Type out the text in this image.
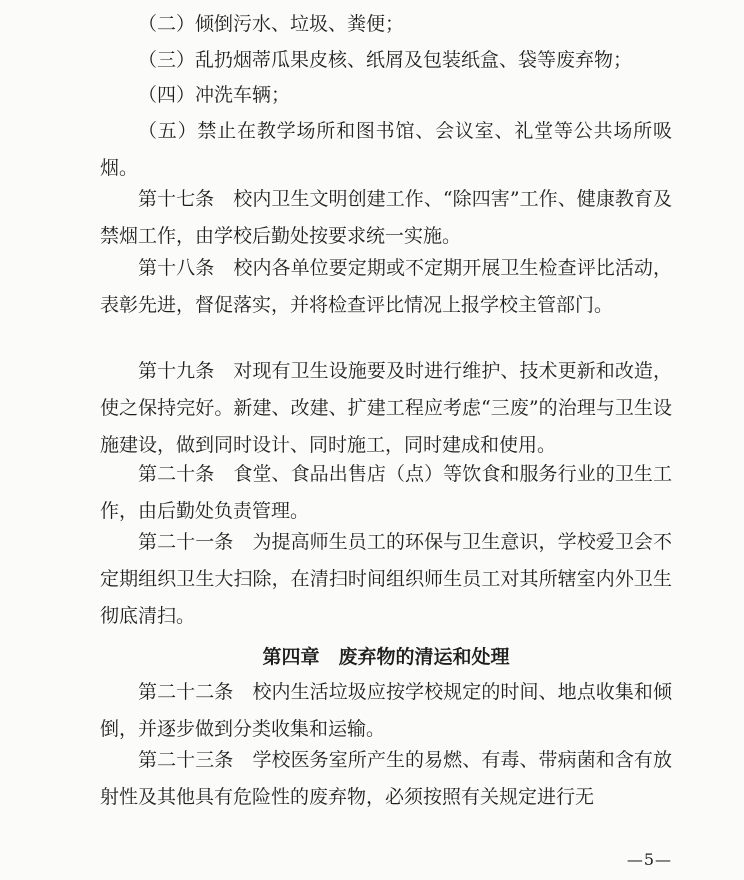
（二）倾倒污水、垃圾、粪便；

（三）乱扔烟蒂瓜果皮核、纸屑及包装纸盒、袋等废弃物；

（四）冲洗车辆；

（五）禁止在教学场所和图书馆、会议室、礼堂等公共场所吸烟。

第十七条　校内卫生文明创建工作、“除四害”工作、健康教育及禁烟工作，由学校后勤处按要求统一实施。

第十八条　校内各单位要定期或不定期开展卫生检查评比活动，表彰先进，督促落实，并将检查评比情况上报学校主管部门。

第十九条　对现有卫生设施要及时进行维护、技术更新和改造，使之保持完好。新建、改建、扩建工程应考虑“三废”的治理与卫生设施建设，做到同时设计、同时施工，同时建成和使用。

第二十条　食堂、食品出售店（点）等饮食和服务行业的卫生工作，由后勤处负责管理。

第二十一条　为提高师生员工的环保与卫生意识，学校爱卫会不定期组织卫生大扫除，在清扫时间组织师生员工对其所辖室内外卫生彻底清扫。

第四章　废弃物的清运和处理

第二十二条　校内生活垃圾应按学校规定的时间、地点收集和倾倒，并逐步做到分类收集和运输。

第二十三条　学校医务室所产生的易燃、有毒、带病菌和含有放射性及其他具有危险性的废弃物，必须按照有关规定进行无

—5—
